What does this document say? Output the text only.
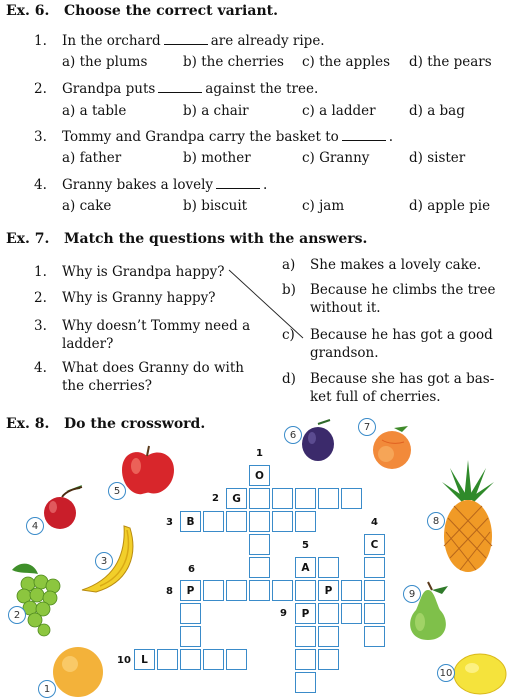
Ex. 6. Choose the correct variant.
1. In the orchard	are already ripe.
a) the plums	b) the cherries c) the apples d) the pears
2. Grandpa puts	against the tree.
a) a table	b) a chair	c) a ladder d) a bag
3. Tommy and Grandpa carry the basket to	.
a) father	b) mother	c) Granny	d) sister
4. Granny bakes a lovely	.
a) cake	b) biscuit	c) jam	d) apple pie
Ex. 7. Match the questions with the answers.
1. Why is Grandpa happy?
2. Why is Granny happy?
3. Why doesn’t Tommy need a
ladder?
4. What does Granny do with
the cherries?
a) She makes a lovely cake.
b) Because he climbs the tree
without it.
c) Because he has got a good
grandson.
d) Because she has got a bas-
ket full of cherries.
Ex. 8. Do the crossword.
1
2
3	4
5
6
8
9
10
O
G
B
C
A
P
P
P
L
1
2
3
4
5
6
7
8
9
10
